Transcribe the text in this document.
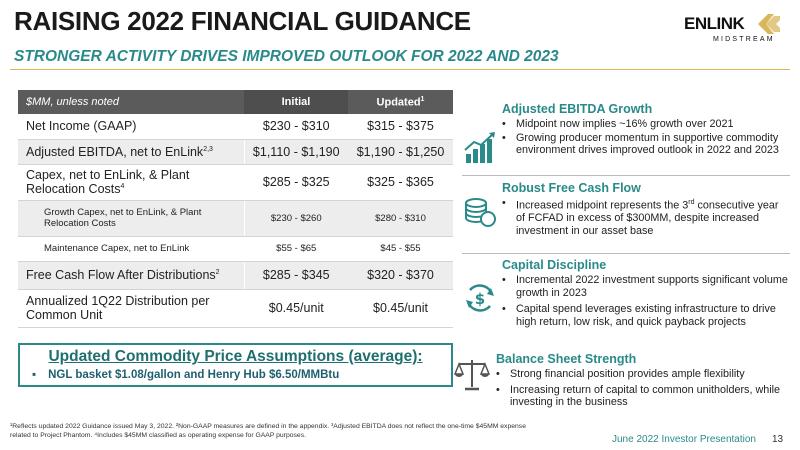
RAISING 2022 FINANCIAL GUIDANCE
STRONGER ACTIVITY DRIVES IMPROVED OUTLOOK FOR 2022 AND 2023
ENLINK
MIDSTREAM
$MM, unless noted	Initial	Updated$^1$
Net Income (GAAP)	$230 - $310	$315 - $375
Adjusted EBITDA, net to EnLink$^{2,3}$	$1,110 - $1,190	$1,190 - $1,250
Capex, net to EnLink, & Plant Relocation Costs$^4$	$285 - $325	$325 - $365
Growth Capex, net to EnLink, & Plant Relocation Costs	$230 - $260	$280 - $310
Maintenance Capex, net to EnLink	$55 - $65	$45 - $55
Free Cash Flow After Distributions$^2$	$285 - $345	$320 - $370
Annualized 1Q22 Distribution per Common Unit	$0.45/unit	$0.45/unit
Updated Commodity Price Assumptions (average):
▪ NGL basket $1.08/gallon and Henry Hub $6.50/MMBtu
Adjusted EBITDA Growth
• Midpoint now implies ~16% growth over 2021
• Growing producer momentum in supportive commodity environment drives improved outlook in 2022 and 2023
Robust Free Cash Flow
• Increased midpoint represents the 3rd consecutive year of FCFAD in excess of $300MM, despite increased investment in our asset base
$
Capital Discipline
• Incremental 2022 investment supports significant volume growth in 2023
• Capital spend leverages existing infrastructure to drive high return, low risk, and quick payback projects
Balance Sheet Strength
• Strong financial position provides ample flexibility
• Increasing return of capital to common unitholders, while investing in the business
¹Reflects updated 2022 Guidance issued May 3, 2022. ²Non-GAAP measures are defined in the appendix. ³Adjusted EBITDA does not reflect the one-time $45MM expense related to Project Phantom. ⁴Includes $45MM classified as operating expense for GAAP purposes.	June 2022 Investor Presentation 13
